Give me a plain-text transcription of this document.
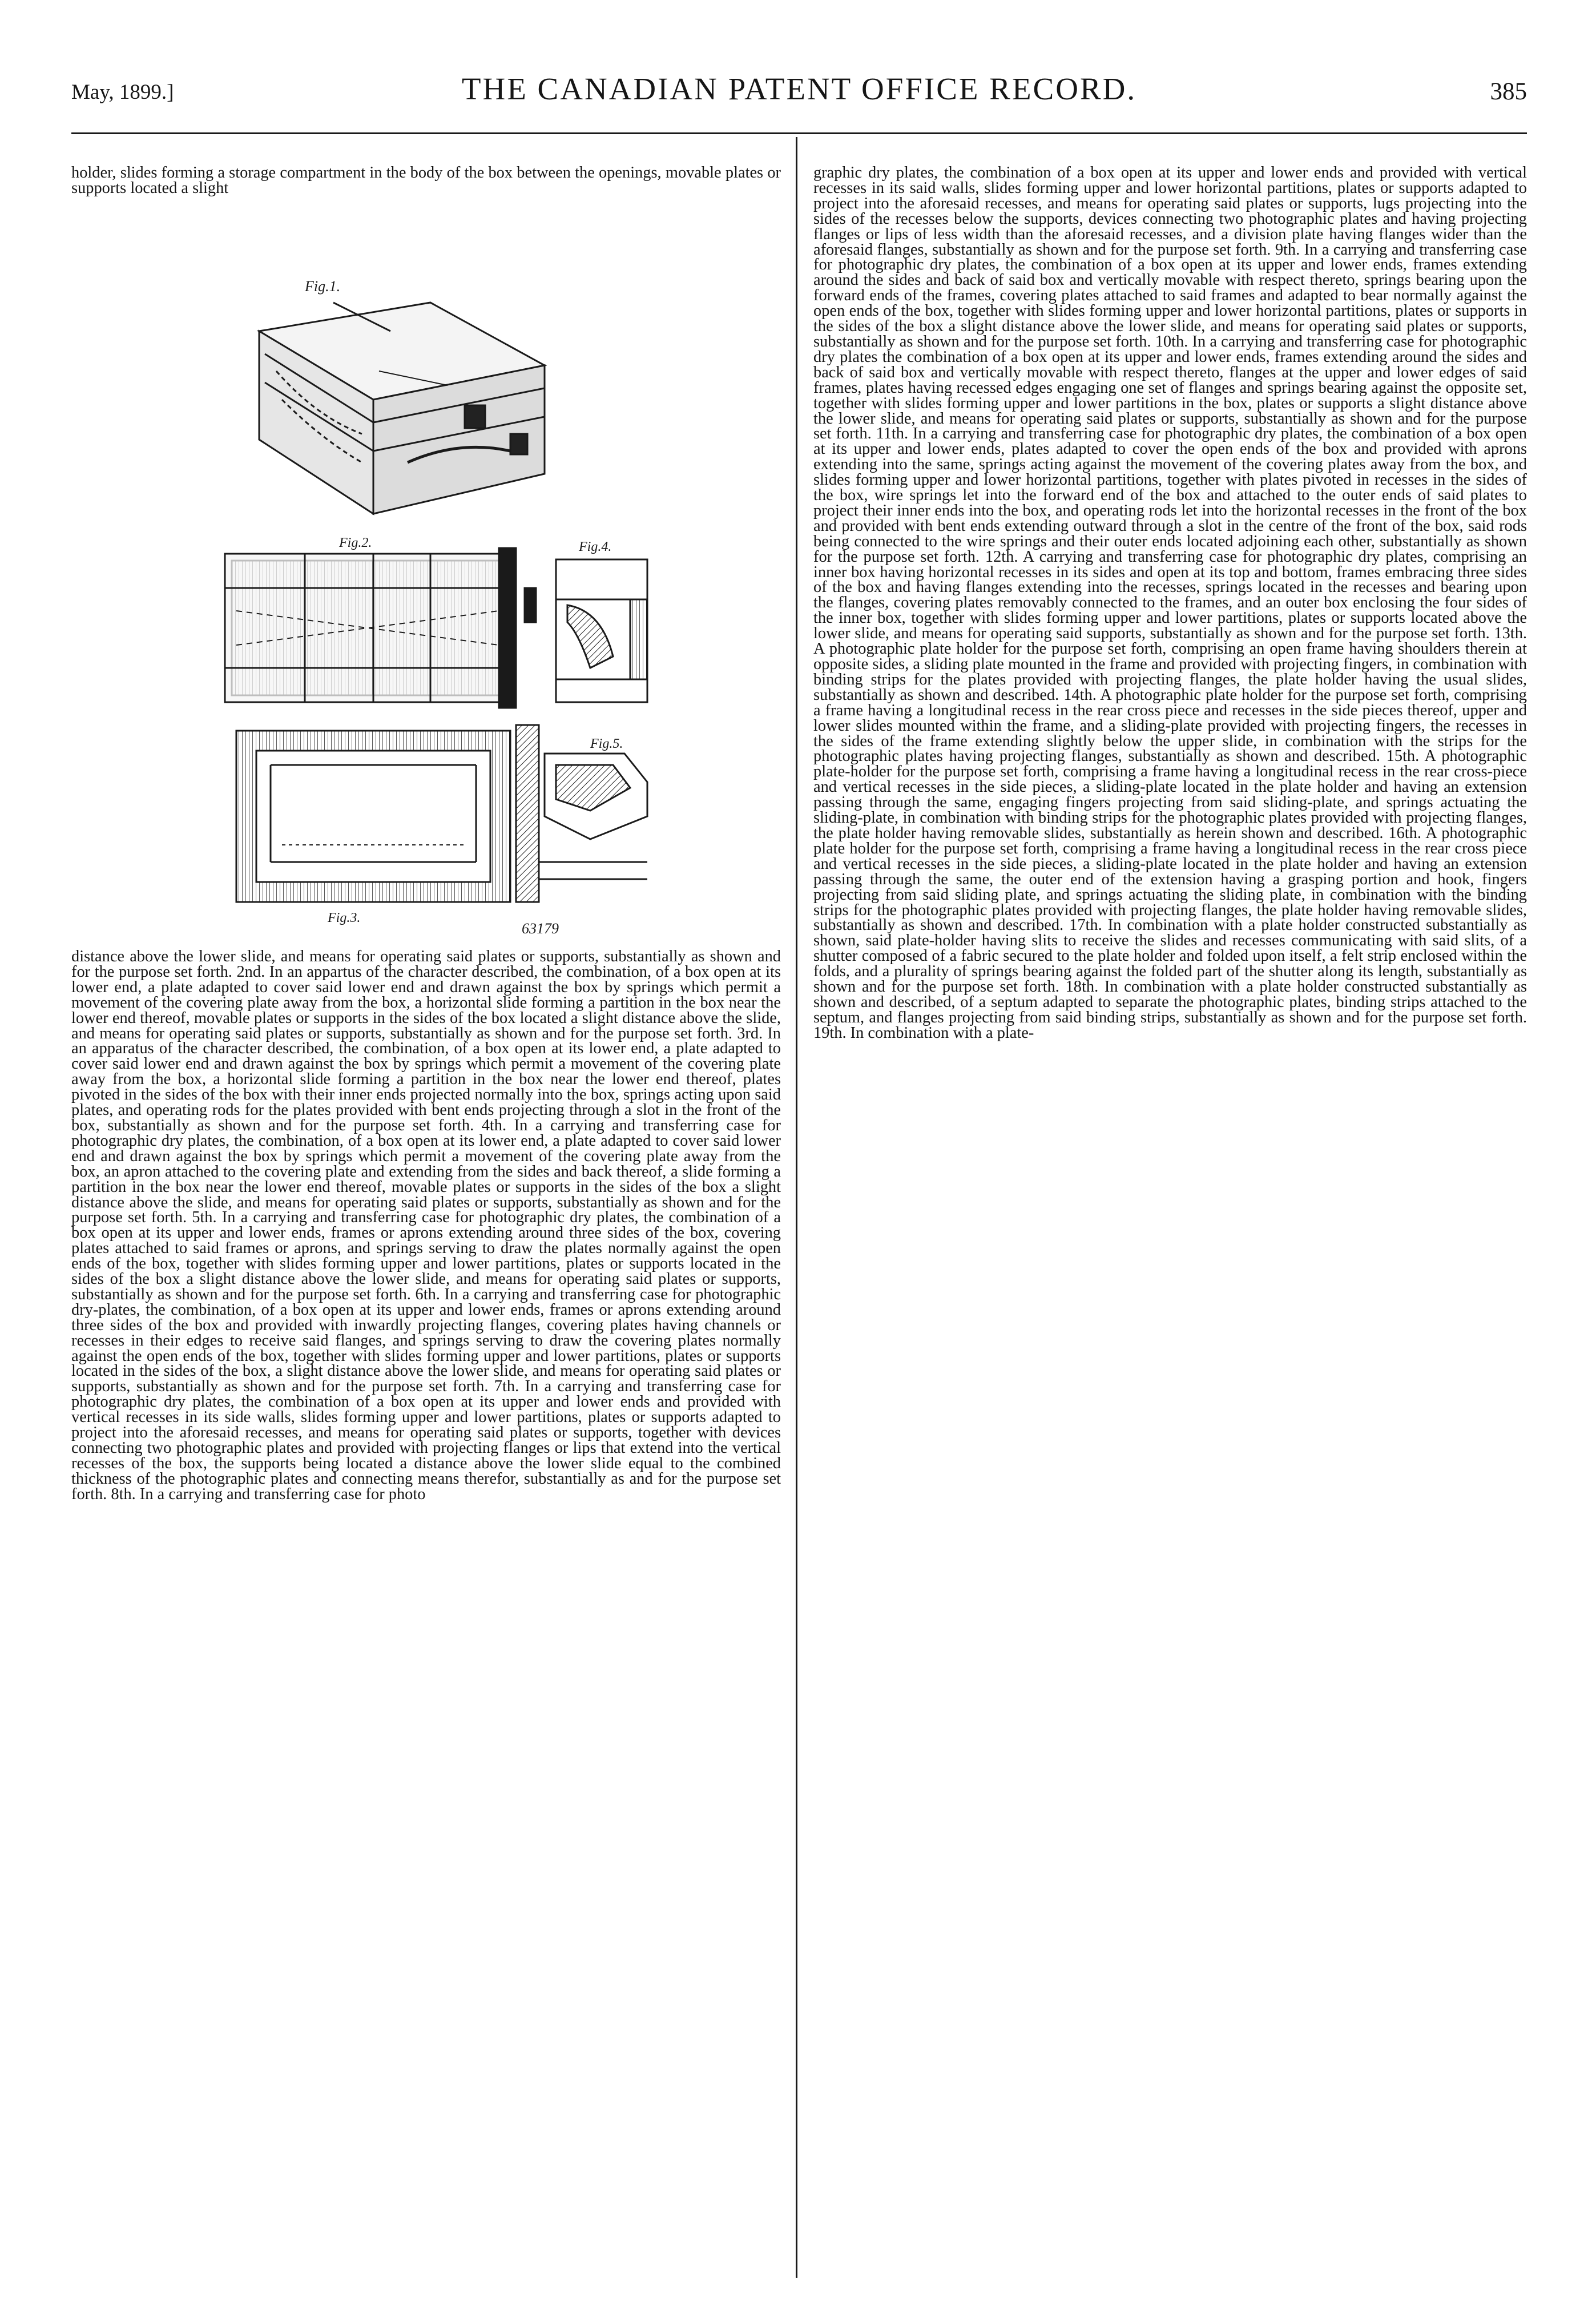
May, 1899.]	THE CANADIAN PATENT OFFICE RECORD.	385

holder, slides forming a storage compartment in the body of the box between the openings, movable plates or supports located a slight

Fig.1.
Fig.2.	Fig.4.
Fig.3.
Fig.5.
63179

distance above the lower slide, and means for operating said plates or supports, substantially as shown and for the purpose set forth. 2nd. In an appartus of the character described, the combination, of a box open at its lower end, a plate adapted to cover said lower end and drawn against the box by springs which permit a movement of the covering plate away from the box, a horizontal slide forming a partition in the box near the lower end thereof, movable plates or supports in the sides of the box located a slight distance above the slide, and means for operating said plates or supports, substantially as shown and for the purpose set forth. 3rd. In an apparatus of the character described, the combination, of a box open at its lower end, a plate adapted to cover said lower end and drawn against the box by springs which permit a movement of the covering plate away from the box, a horizontal slide forming a partition in the box near the lower end thereof, plates pivoted in the sides of the box with their inner ends projected normally into the box, springs acting upon said plates, and operating rods for the plates provided with bent ends projecting through a slot in the front of the box, substantially as shown and for the purpose set forth. 4th. In a carrying and transferring case for photographic dry plates, the combination, of a box open at its lower end, a plate adapted to cover said lower end and drawn against the box by springs which permit a movement of the covering plate away from the box, an apron attached to the covering plate and extending from the sides and back thereof, a slide forming a partition in the box near the lower end thereof, movable plates or supports in the sides of the box a slight distance above the slide, and means for operating said plates or supports, substantially as shown and for the purpose set forth. 5th. In a carrying and transferring case for photographic dry plates, the combination of a box open at its upper and lower ends, frames or aprons extending around three sides of the box, covering plates attached to said frames or aprons, and springs serving to draw the plates normally against the open ends of the box, together with slides forming upper and lower partitions, plates or supports located in the sides of the box a slight distance above the lower slide, and means for operating said plates or supports, substantially as shown and for the purpose set forth. 6th. In a carrying and transferring case for photographic dry-plates, the combination, of a box open at its upper and lower ends, frames or aprons extending around three sides of the box and provided with inwardly projecting flanges, covering plates having channels or recesses in their edges to receive said flanges, and springs serving to draw the covering plates normally against the open ends of the box, together with slides forming upper and lower partitions, plates or supports located in the sides of the box, a slight distance above the lower slide, and means for operating said plates or supports, substantially as shown and for the purpose set forth. 7th. In a carrying and transferring case for photographic dry plates, the combination of a box open at its upper and lower ends and provided with vertical recesses in its side walls, slides forming upper and lower partitions, plates or supports adapted to project into the aforesaid recesses, and means for operating said plates or supports, together with devices connecting two photographic plates and provided with projecting flanges or lips that extend into the vertical recesses of the box, the supports being located a distance above the lower slide equal to the combined thickness of the photographic plates and connecting means therefor, substantially as and for the purpose set forth. 8th. In a carrying and transferring case for photo

graphic dry plates, the combination of a box open at its upper and lower ends and provided with vertical recesses in its said walls, slides forming upper and lower horizontal partitions, plates or supports adapted to project into the aforesaid recesses, and means for operating said plates or supports, lugs projecting into the sides of the recesses below the supports, devices connecting two photographic plates and having projecting flanges or lips of less width than the aforesaid recesses, and a division plate having flanges wider than the aforesaid flanges, substantially as shown and for the purpose set forth. 9th. In a carrying and transferring case for photographic dry plates, the combination of a box open at its upper and lower ends, frames extending around the sides and back of said box and vertically movable with respect thereto, springs bearing upon the forward ends of the frames, covering plates attached to said frames and adapted to bear normally against the open ends of the box, together with slides forming upper and lower horizontal partitions, plates or supports in the sides of the box a slight distance above the lower slide, and means for operating said plates or supports, substantially as shown and for the purpose set forth. 10th. In a carrying and transferring case for photographic dry plates the combination of a box open at its upper and lower ends, frames extending around the sides and back of said box and vertically movable with respect thereto, flanges at the upper and lower edges of said frames, plates having recessed edges engaging one set of flanges and springs bearing against the opposite set, together with slides forming upper and lower partitions in the box, plates or supports a slight distance above the lower slide, and means for operating said plates or supports, substantially as shown and for the purpose set forth. 11th. In a carrying and transferring case for photographic dry plates, the combination of a box open at its upper and lower ends, plates adapted to cover the open ends of the box and provided with aprons extending into the same, springs acting against the movement of the covering plates away from the box, and slides forming upper and lower horizontal partitions, together with plates pivoted in recesses in the sides of the box, wire springs let into the forward end of the box and attached to the outer ends of said plates to project their inner ends into the box, and operating rods let into the horizontal recesses in the front of the box and provided with bent ends extending outward through a slot in the centre of the front of the box, said rods being connected to the wire springs and their outer ends located adjoining each other, substantially as shown for the purpose set forth. 12th. A carrying and transferring case for photographic dry plates, comprising an inner box having horizontal recesses in its sides and open at its top and bottom, frames embracing three sides of the box and having flanges extending into the recesses, springs located in the recesses and bearing upon the flanges, covering plates removably connected to the frames, and an outer box enclosing the four sides of the inner box, together with slides forming upper and lower partitions, plates or supports located above the lower slide, and means for operating said supports, substantially as shown and for the purpose set forth. 13th. A photographic plate holder for the purpose set forth, comprising an open frame having shoulders therein at opposite sides, a sliding plate mounted in the frame and provided with projecting fingers, in combination with binding strips for the plates provided with projecting flanges, the plate holder having the usual slides, substantially as shown and described. 14th. A photographic plate holder for the purpose set forth, comprising a frame having a longitudinal recess in the rear cross piece and recesses in the side pieces thereof, upper and lower slides mounted within the frame, and a sliding-plate provided with projecting fingers, the recesses in the sides of the frame extending slightly below the upper slide, in combination with the strips for the photographic plates having projecting flanges, substantially as shown and described. 15th. A photographic plate-holder for the purpose set forth, comprising a frame having a longitudinal recess in the rear cross-piece and vertical recesses in the side pieces, a sliding-plate located in the plate holder and having an extension passing through the same, engaging fingers projecting from said sliding-plate, and springs actuating the sliding-plate, in combination with binding strips for the photographic plates provided with projecting flanges, the plate holder having removable slides, substantially as herein shown and described. 16th. A photographic plate holder for the purpose set forth, comprising a frame having a longitudinal recess in the rear cross piece and vertical recesses in the side pieces, a sliding-plate located in the plate holder and having an extension passing through the same, the outer end of the extension having a grasping portion and hook, fingers projecting from said sliding plate, and springs actuating the sliding plate, in combination with the binding strips for the photographic plates provided with projecting flanges, the plate holder having removable slides, substantially as shown and described. 17th. In combination with a plate holder constructed substantially as shown, said plate-holder having slits to receive the slides and recesses communicating with said slits, of a shutter composed of a fabric secured to the plate holder and folded upon itself, a felt strip enclosed within the folds, and a plurality of springs bearing against the folded part of the shutter along its length, substantially as shown and for the purpose set forth. 18th. In combination with a plate holder constructed substantially as shown and described, of a septum adapted to separate the photographic plates, binding strips attached to the septum, and flanges projecting from said binding strips, substantially as shown and for the purpose set forth. 19th. In combination with a plate-
